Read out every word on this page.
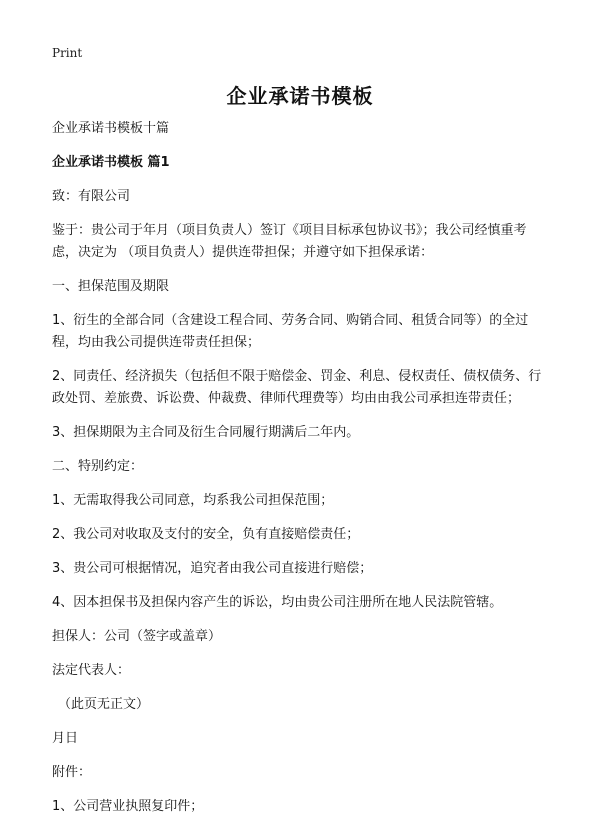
Print
企业承诺书模板

企业承诺书模板十篇

企业承诺书模板 篇1

致：有限公司

鉴于：贵公司于年月（项目负责人）签订《项目目标承包协议书》；我公司经慎重考虑，决定为 （项目负责人）提供连带担保；并遵守如下担保承诺：

一、担保范围及期限

1、衍生的全部合同（含建设工程合同、劳务合同、购销合同、租赁合同等）的全过程，均由我公司提供连带责任担保；

2、同责任、经济损失（包括但不限于赔偿金、罚金、利息、侵权责任、债权债务、行政处罚、差旅费、诉讼费、仲裁费、律师代理费等）均由由我公司承担连带责任；

3、担保期限为主合同及衍生合同履行期满后二年内。

二、特别约定：

1、无需取得我公司同意，均系我公司担保范围；

2、我公司对收取及支付的安全，负有直接赔偿责任；

3、贵公司可根据情况，追究者由我公司直接进行赔偿；

4、因本担保书及担保内容产生的诉讼，均由贵公司注册所在地人民法院管辖。

担保人：公司（签字或盖章）

法定代表人：

（此页无正文）

月日

附件：

1、公司营业执照复印件；
